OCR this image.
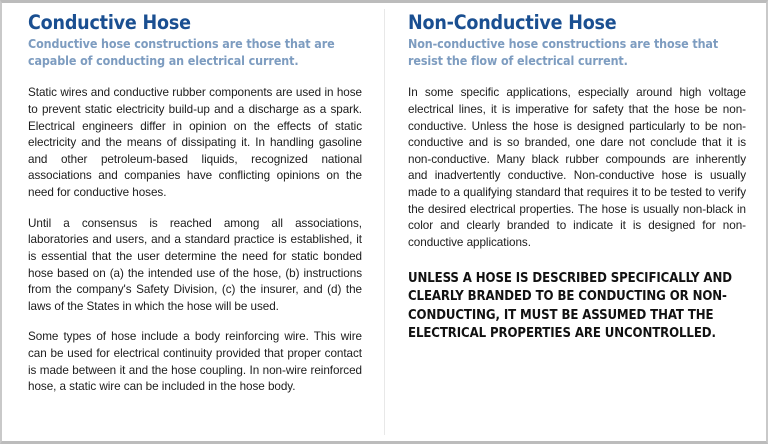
Conductive Hose

Conductive hose constructions are those that are capable of conducting an electrical current.

Static wires and conductive rubber components are used in hose to prevent static electricity build-up and a discharge as a spark. Electrical engineers differ in opinion on the effects of static electricity and the means of dissipating it. In handling gasoline and other petroleum-based liquids, recognized national associations and companies have conflicting opinions on the need for conductive hoses.

Until a consensus is reached among all associations, laboratories and users, and a standard practice is established, it is essential that the user determine the need for static bonded hose based on (a) the intended use of the hose, (b) instructions from the company's Safety Division, (c) the insurer, and (d) the laws of the States in which the hose will be used.

Some types of hose include a body reinforcing wire. This wire can be used for electrical continuity provided that proper contact is made between it and the hose coupling. In non-wire reinforced hose, a static wire can be included in the hose body.

Non-Conductive Hose

Non-conductive hose constructions are those that resist the flow of electrical current.

In some specific applications, especially around high voltage electrical lines, it is imperative for safety that the hose be non-conductive. Unless the hose is designed particularly to be non-conductive and is so branded, one dare not conclude that it is non-conductive. Many black rubber compounds are inherently and inadvertently conductive. Non-conductive hose is usually made to a qualifying standard that requires it to be tested to verify the desired electrical properties. The hose is usually non-black in color and clearly branded to indicate it is designed for non-conductive applications.

UNLESS A HOSE IS DESCRIBED SPECIFICALLY AND CLEARLY BRANDED TO BE CONDUCTING OR NON-CONDUCTING, IT MUST BE ASSUMED THAT THE ELECTRICAL PROPERTIES ARE UNCONTROLLED.
